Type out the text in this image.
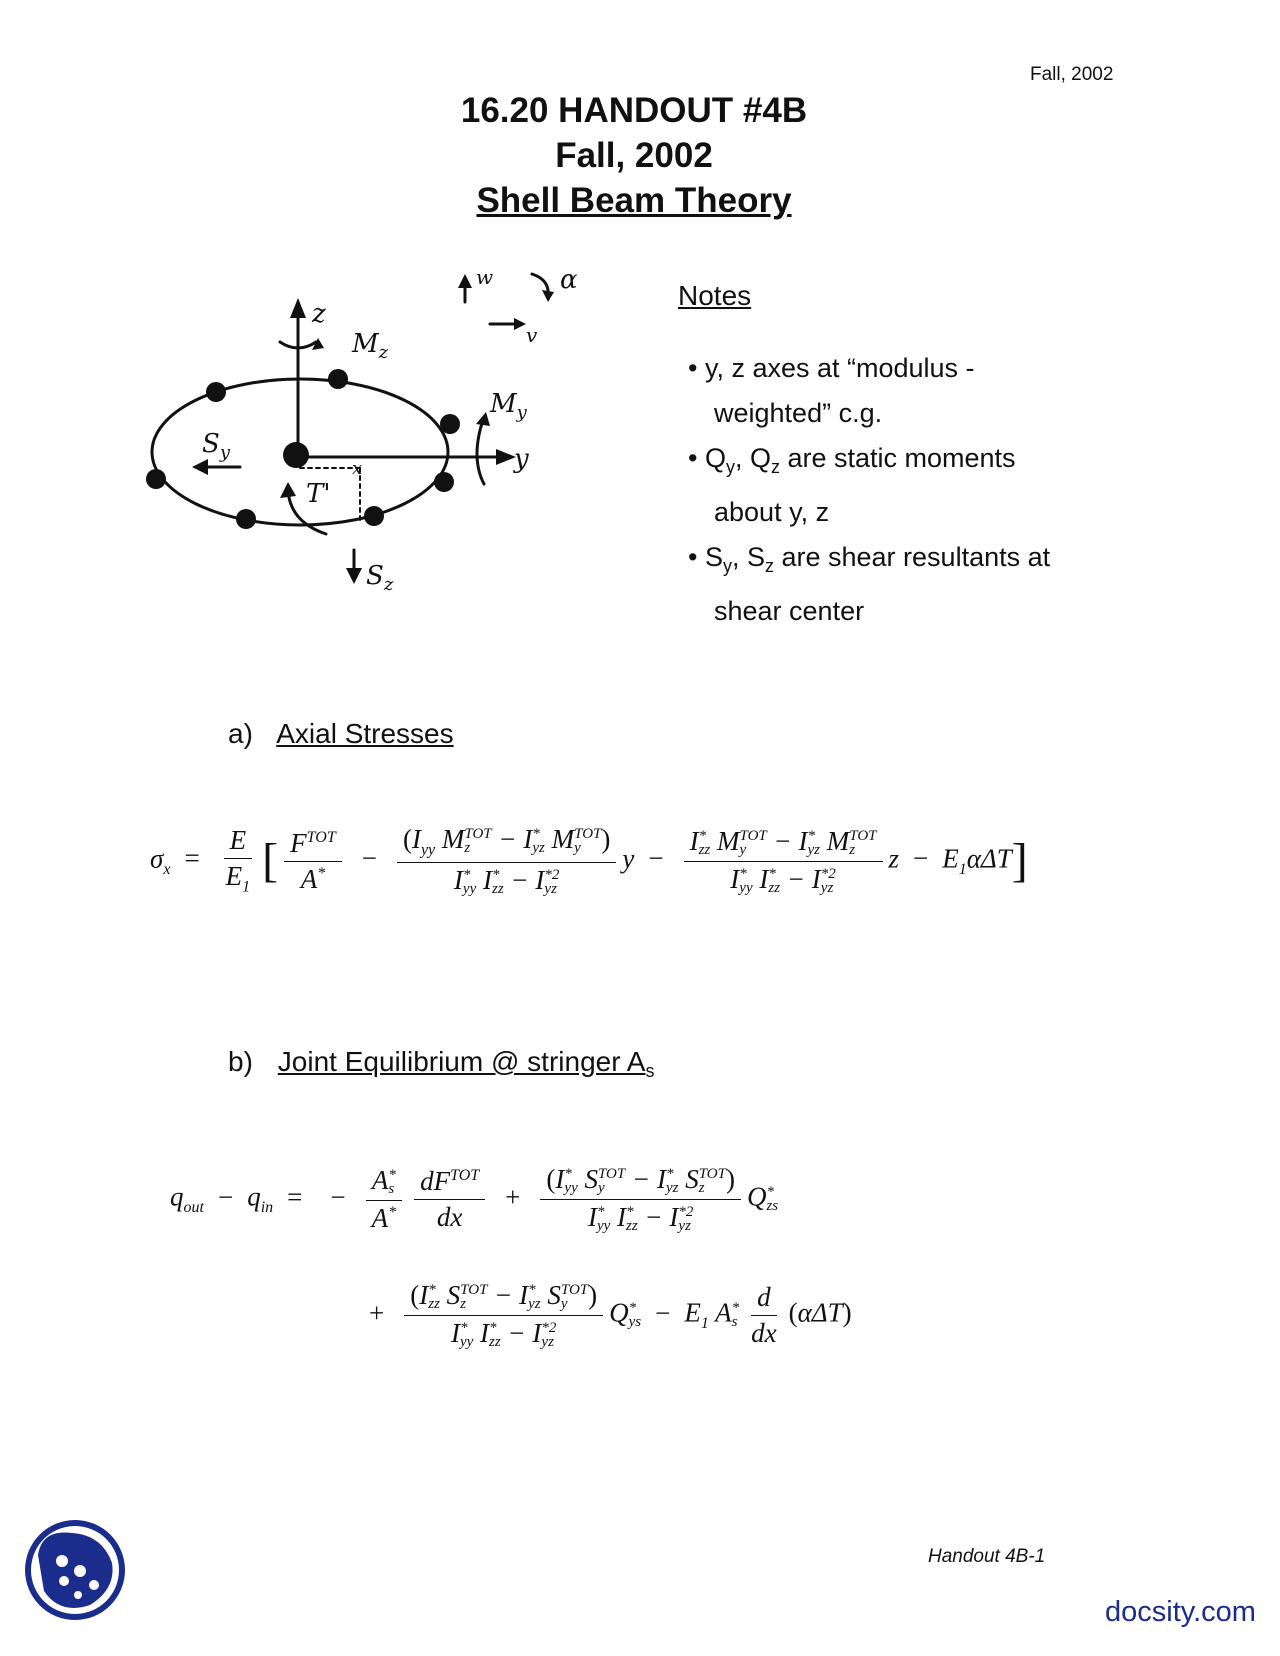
Fall, 2002
16.20 HANDOUT #4B
Fall, 2002
Shell Beam Theory
z
$M_z$
$M_y$
y
$S_y$
T'
$S_z$
w	α
v
x
Notes
• y, z axes at “modulus -
weighted” c.g.
• $Q_y$, $Q_z$ are static moments
about y, z
• $S_y$, $S_z$ are shear resultants at
shear center
a) Axial Stresses
$\sigma_x = \frac{E}{E_1}$ [ $\frac{F^{TOT}}{A^*} - (I_{yy}$ M TOT
z − I *
yz M TOT
y )
I *
yy I *
zz − I *2
yz y − I *
zz M TOT
y − I *
yz M TOT
z
I *
yy I *
zz − I *2
yz $z - E_1\alpha\Delta T$]
b) Joint Equilibrium @ stringer $A_s$
$q_{out} - q_{in}$ = − A *
s
$A^* \frac{dF^{TOT}}{dx} + (I$ *
yy S TOT
y − I *
yz S TOT
z )
I *
yy I *
zz − I *2
yz Q *
zs
+ (I *
zz S TOT
z − I *
yz S TOT
y )
I *
yy I *
zz − I *2
yz Q *
ys − $E_1$ A *
s $\frac{d}{dx} (\alpha\Delta T)$
Handout 4B-1
docsity.com
